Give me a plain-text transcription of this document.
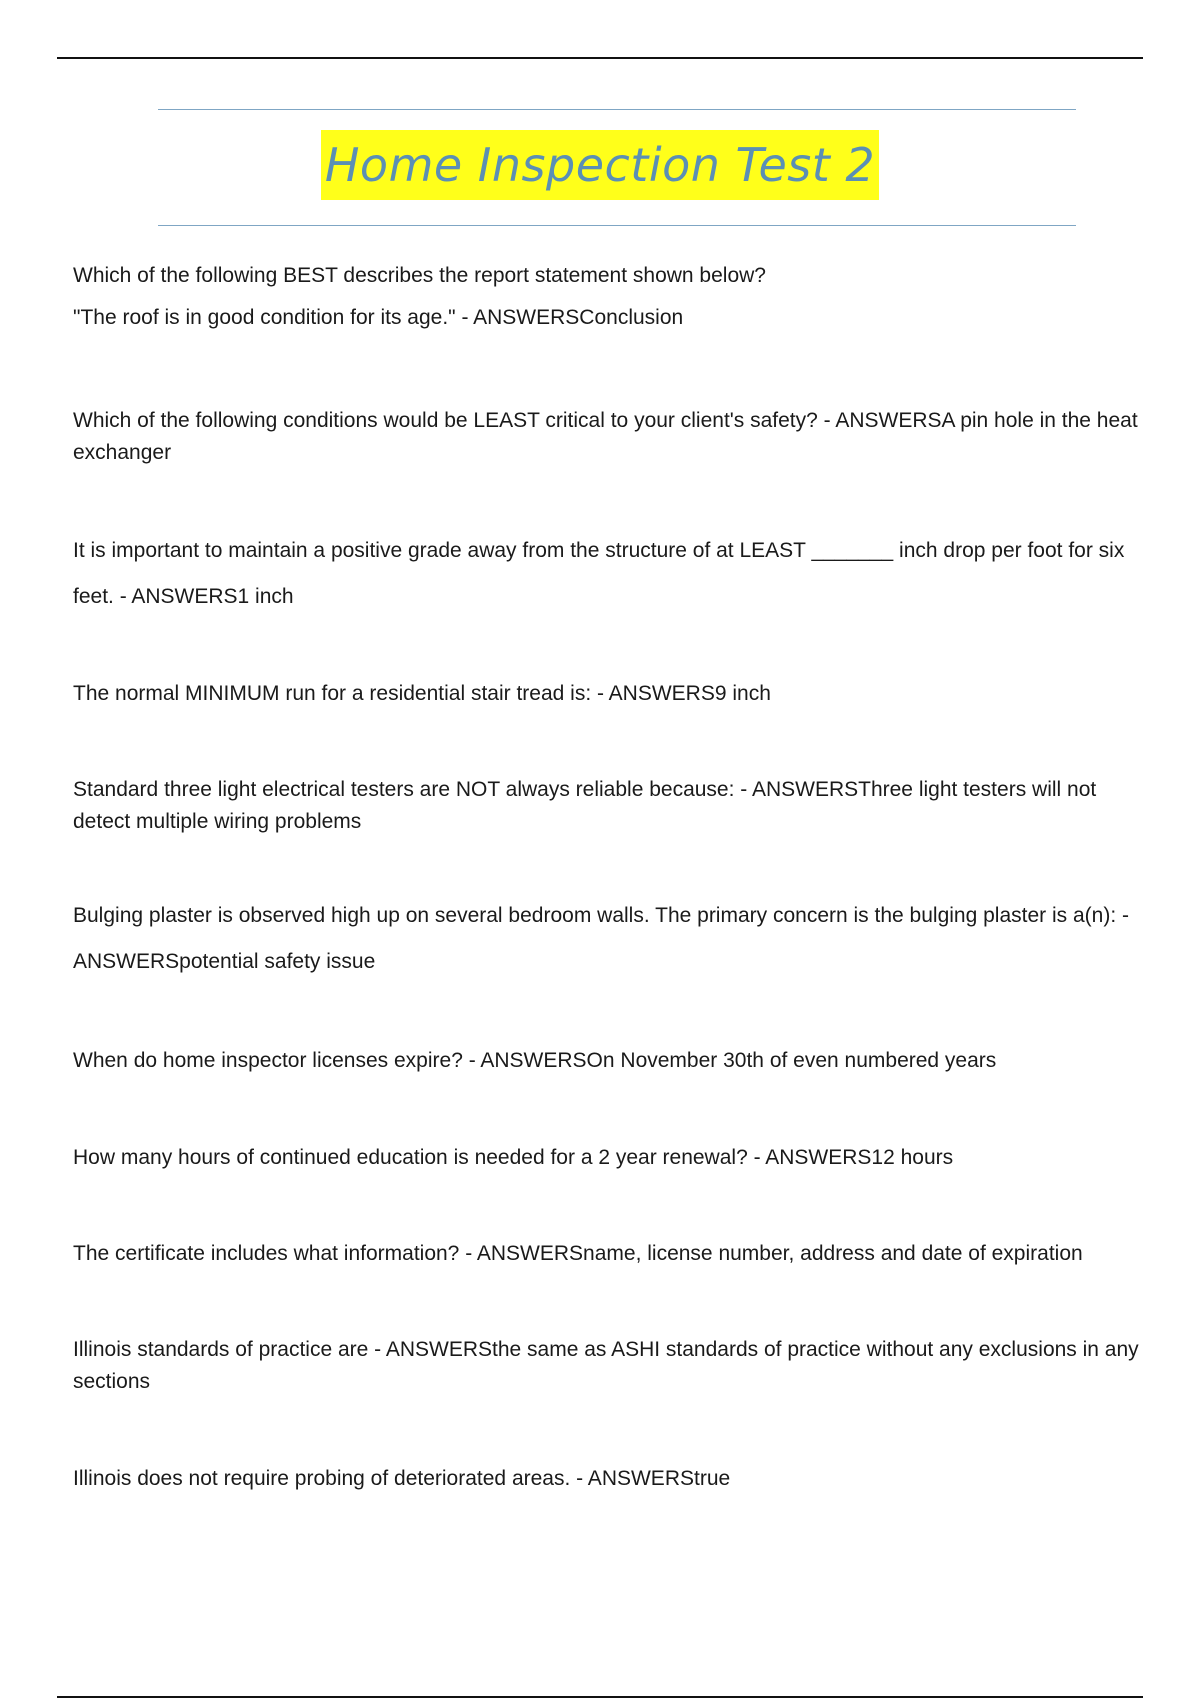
Home Inspection Test 2

Which of the following BEST describes the report statement shown below?

"The roof is in good condition for its age." - ANSWERSConclusion

Which of the following conditions would be LEAST critical to your client's safety? - ANSWERSA pin hole in the heat exchanger

It is important to maintain a positive grade away from the structure of at LEAST _______ inch drop per foot for six feet. - ANSWERS1 inch

The normal MINIMUM run for a residential stair tread is: - ANSWERS9 inch

Standard three light electrical testers are NOT always reliable because: - ANSWERSThree light testers will not detect multiple wiring problems

Bulging plaster is observed high up on several bedroom walls. The primary concern is the bulging plaster is a(n): - ANSWERSpotential safety issue

When do home inspector licenses expire? - ANSWERSOn November 30th of even numbered years

How many hours of continued education is needed for a 2 year renewal? - ANSWERS12 hours

The certificate includes what information? - ANSWERSname, license number, address and date of expiration

Illinois standards of practice are - ANSWERSthe same as ASHI standards of practice without any exclusions in any sections

Illinois does not require probing of deteriorated areas. - ANSWERStrue
